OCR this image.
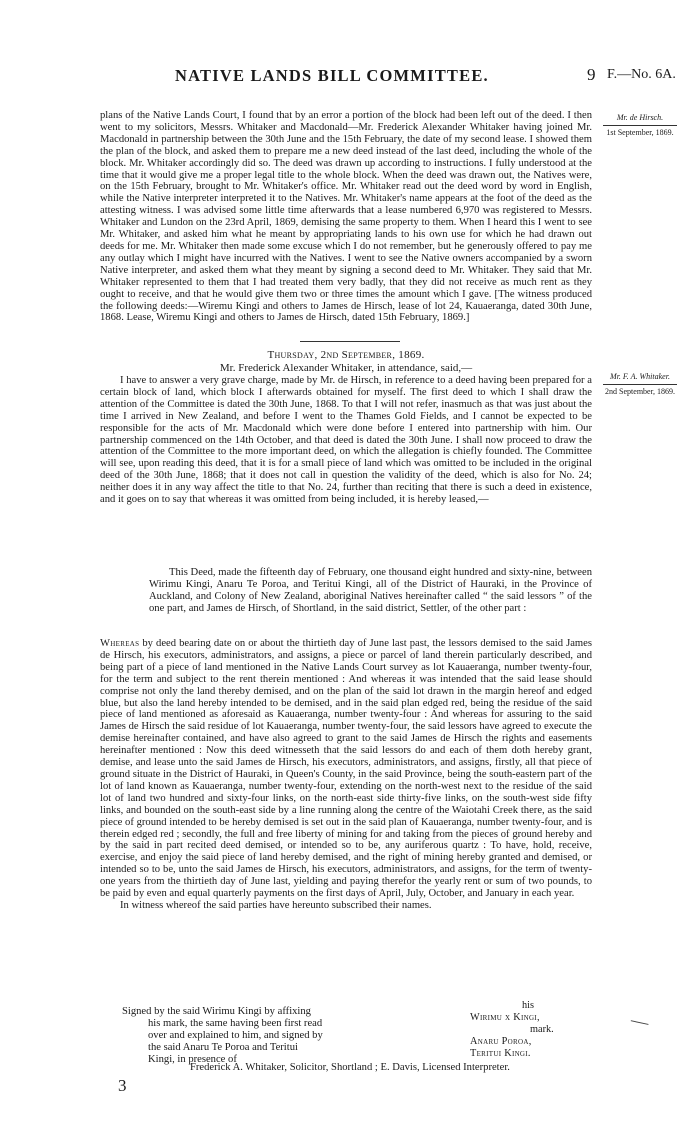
NATIVE LANDS BILL COMMITTEE.	9 F.—No. 6A.
Mr. de Hirsch.
1st September, 1869.

plans of the Native Lands Court, I found that by an error a portion of the block had been left out of the deed. I then went to my solicitors, Messrs. Whitaker and Macdonald—Mr. Frederick Alexander Whitaker having joined Mr. Macdonald in partnership between the 30th June and the 15th February, the date of my second lease. I showed them the plan of the block, and asked them to prepare me a new deed instead of the last deed, including the whole of the block. Mr. Whitaker accordingly did so. The deed was drawn up according to instructions. I fully understood at the time that it would give me a proper legal title to the whole block. When the deed was drawn out, the Natives were, on the 15th February, brought to Mr. Whitaker's office. Mr. Whitaker read out the deed word by word in English, while the Native interpreter interpreted it to the Natives. Mr. Whitaker's name appears at the foot of the deed as the attesting witness. I was advised some little time afterwards that a lease numbered 6,970 was registered to Messrs. Whitaker and Lundon on the 23rd April, 1869, demising the same property to them. When I heard this I went to see Mr. Whitaker, and asked him what he meant by appropriating lands to his own use for which he had drawn out deeds for me. Mr. Whitaker then made some excuse which I do not remember, but he generously offered to pay me any outlay which I might have incurred with the Natives. I went to see the Native owners accompanied by a sworn Native interpreter, and asked them what they meant by signing a second deed to Mr. Whitaker. They said that Mr. Whitaker represented to them that I had treated them very badly, that they did not receive as much rent as they ought to receive, and that he would give them two or three times the amount which I gave. [The witness produced the following deeds:—Wiremu Kingi and others to James de Hirsch, lease of lot 24, Kauaeranga, dated 30th June, 1868. Lease, Wiremu Kingi and others to James de Hirsch, dated 15th February, 1869.]

Thursday, 2nd September, 1869.
Mr. Frederick Alexander Whitaker, in attendance, said,—
Mr. F. A. Whitaker.
2nd September, 1869.

I have to answer a very grave charge, made by Mr. de Hirsch, in reference to a deed having been prepared for a certain block of land, which block I afterwards obtained for myself. The first deed to which I shall draw the attention of the Committee is dated the 30th June, 1868. To that I will not refer, inasmuch as that was just about the time I arrived in New Zealand, and before I went to the Thames Gold Fields, and I cannot be expected to be responsible for the acts of Mr. Macdonald which were done before I entered into partnership with him. Our partnership commenced on the 14th October, and that deed is dated the 30th June. I shall now proceed to draw the attention of the Committee to the more important deed, on which the allegation is chiefly founded. The Committee will see, upon reading this deed, that it is for a small piece of land which was omitted to be included in the original deed of the 30th June, 1868; that it does not call in question the validity of the deed, which is also for No. 24; neither does it in any way affect the title to that No. 24, further than reciting that there is such a deed in existence, and it goes on to say that whereas it was omitted from being included, it is hereby leased,—

This Deed, made the fifteenth day of February, one thousand eight hundred and sixty-nine, between Wirimu Kingi, Anaru Te Poroa, and Teritui Kingi, all of the District of Hauraki, in the Province of Auckland, and Colony of New Zealand, aboriginal Natives hereinafter called “ the said lessors ” of the one part, and James de Hirsch, of Shortland, in the said district, Settler, of the other part :

Whereas by deed bearing date on or about the thirtieth day of June last past, the lessors demised to the said James de Hirsch, his executors, administrators, and assigns, a piece or parcel of land therein particularly described, and being part of a piece of land mentioned in the Native Lands Court survey as lot Kauaeranga, number twenty-four, for the term and subject to the rent therein mentioned : And whereas it was intended that the said lease should comprise not only the land thereby demised, and on the plan of the said lot drawn in the margin hereof and edged blue, but also the land hereby intended to be demised, and in the said plan edged red, being the residue of the said piece of land mentioned as aforesaid as Kauaeranga, number twenty-four : And whereas for assuring to the said James de Hirsch the said residue of lot Kauaeranga, number twenty-four, the said lessors have agreed to execute the demise hereinafter contained, and have also agreed to grant to the said James de Hirsch the rights and easements hereinafter mentioned : Now this deed witnesseth that the said lessors do and each of them doth hereby grant, demise, and lease unto the said James de Hirsch, his executors, administrators, and assigns, firstly, all that piece of ground situate in the District of Hauraki, in Queen's County, in the said Province, being the south-eastern part of the lot of land known as Kauaeranga, number twenty-four, extending on the north-west next to the residue of the said lot of land two hundred and sixty-four links, on the north-east side thirty-five links, on the south-west side fifty links, and bounded on the south-east side by a line running along the centre of the Waiotahi Creek there, as the said piece of ground intended to be hereby demised is set out in the said plan of Kauaeranga, number twenty-four, and is therein edged red ; secondly, the full and free liberty of mining for and taking from the pieces of ground hereby and by the said in part recited deed demised, or intended so to be, any auriferous quartz : To have, hold, receive, exercise, and enjoy the said piece of land hereby demised, and the right of mining hereby granted and demised, or intended so to be, unto the said James de Hirsch, his executors, administrators, and assigns, for the term of twenty-one years from the thirtieth day of June last, yielding and paying therefor the yearly rent or sum of two pounds, to be paid by even and equal quarterly payments on the first days of April, July, October, and January in each year.

In witness whereof the said parties have hereunto subscribed their names.

Signed by the said Wirimu Kingi by affixing
his mark, the same having been first read
over and explained to him, and signed by
the said Anaru Te Poroa and Teritui
Kingi, in presence of
his
Wirimu x Kingi,
mark.
Anaru Poroa,
Teritui Kingi.
Frederick A. Whitaker, Solicitor, Shortland ; E. Davis, Licensed Interpreter.
3
